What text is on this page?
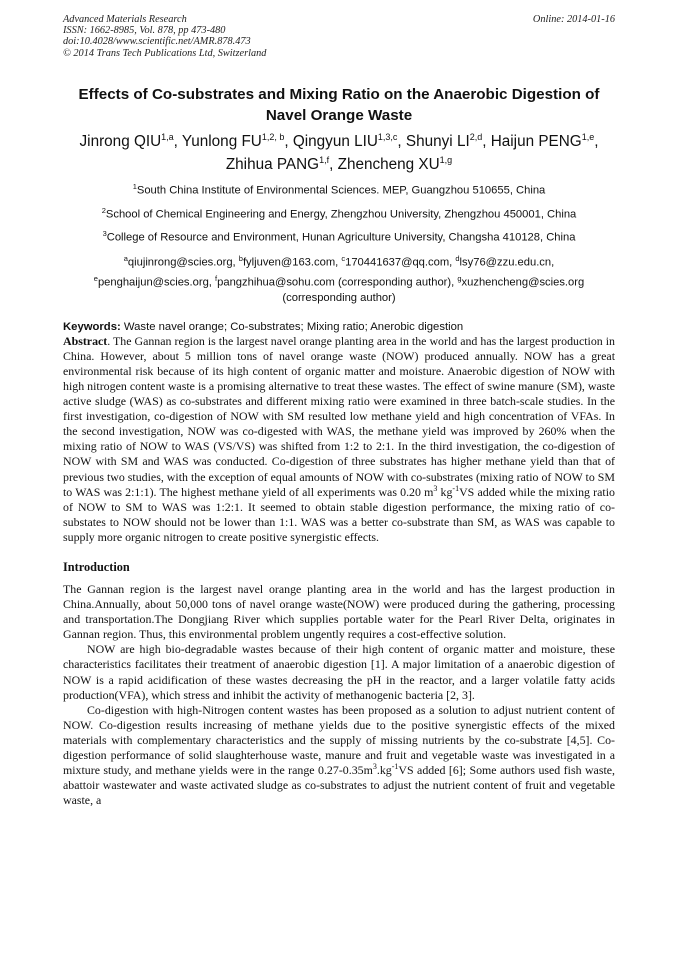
Advanced Materials Research
ISSN: 1662-8985, Vol. 878, pp 473-480
doi:10.4028/www.scientific.net/AMR.878.473
© 2014 Trans Tech Publications Ltd, Switzerland
Online: 2014-01-16
Effects of Co-substrates and Mixing Ratio on the Anaerobic Digestion of Navel Orange Waste
Jinrong QIU$^{1,a}$, Yunlong FU$^{1,2, b}$, Qingyun LIU$^{1,3,c}$, Shunyi LI$^{2,d}$, Haijun PENG$^{1,e}$,
Zhihua PANG$^{1,f}$, Zhencheng XU$^{1,g}$
$^1$South China Institute of Environmental Sciences. MEP, Guangzhou 510655, China
$^2$School of Chemical Engineering and Energy, Zhengzhou University, Zhengzhou 450001, China
$^3$College of Resource and Environment, Hunan Agriculture University, Changsha 410128, China
$^a$qiujinrong@scies.org, $^b$fyljuven@163.com, $^c$170441637@qq.com, $^d$lsy76@zzu.edu.cn,
$^e$penghaijun@scies.org, $^f$pangzhihua@sohu.com (corresponding author), $^g$xuzhencheng@scies.org
(corresponding author)
Keywords: Waste navel orange; Co-substrates; Mixing ratio; Anerobic digestion

Abstract. The Gannan region is the largest navel orange planting area in the world and has the largest production in China. However, about 5 million tons of navel orange waste (NOW) produced annually. NOW has a great environmental risk because of its high content of organic matter and moisture. Anaerobic digestion of NOW with high nitrogen content waste is a promising alternative to treat these wastes. The effect of swine manure (SM), waste active sludge (WAS) as co-substrates and different mixing ratio were examined in three batch-scale studies. In the first investigation, co-digestion of NOW with SM resulted low methane yield and high concentration of VFAs. In the second investigation, NOW was co-digested with WAS, the methane yield was improved by 260% when the mixing ratio of NOW to WAS (VS/VS) was shifted from 1:2 to 2:1. In the third investigation, the co-digestion of NOW with SM and WAS was conducted. Co-digestion of three substrates has higher methane yield than that of previous two studies, with the exception of equal amounts of NOW with co-substrates (mixing ratio of NOW to SM to WAS was 2:1:1). The highest methane yield of all experiments was 0.20 $m^3$ $kg^{-1}VS$ added while the mixing ratio of NOW to SM to WAS was 1:2:1. It seemed to obtain stable digestion performance, the mixing ratio of co-substates to NOW should not be lower than 1:1. WAS was a better co-substrate than SM, as WAS was capable to supply more organic nitrogen to create positive synergistic effects.

Introduction

The Gannan region is the largest navel orange planting area in the world and has the largest production in China.Annually, about 50,000 tons of navel orange waste(NOW) were produced during the gathering, processing and transportation.The Dongjiang River which supplies portable water for the Pearl River Delta, originates in Gannan region. Thus, this environmental problem ungently requires a cost-effective solution.

NOW are high bio-degradable wastes because of their high content of organic matter and moisture, these characteristics facilitates their treatment of anaerobic digestion [1]. A major limitation of a anaerobic digestion of NOW is a rapid acidification of these wastes decreasing the pH in the reactor, and a larger volatile fatty acids production(VFA), which stress and inhibit the activity of methanogenic bacteria [2, 3].

Co-digestion with high-Nitrogen content wastes has been proposed as a solution to adjust nutrient content of NOW. Co-digestion results increasing of methane yields due to the positive synergistic effects of the mixed materials with complementary characteristics and the supply of missing nutrients by the co-substrate [4,5]. Co-digestion performance of solid slaughterhouse waste, manure and fruit and vegetable waste was investigated in a mixture study, and methane yields were in the range $0.27-0.35m^3.kg^{-1}VS$ added [6]; Some authors used fish waste, abattoir wastewater and waste activated sludge as co-substrates to adjust the nutrient content of fruit and vegetable waste, a
